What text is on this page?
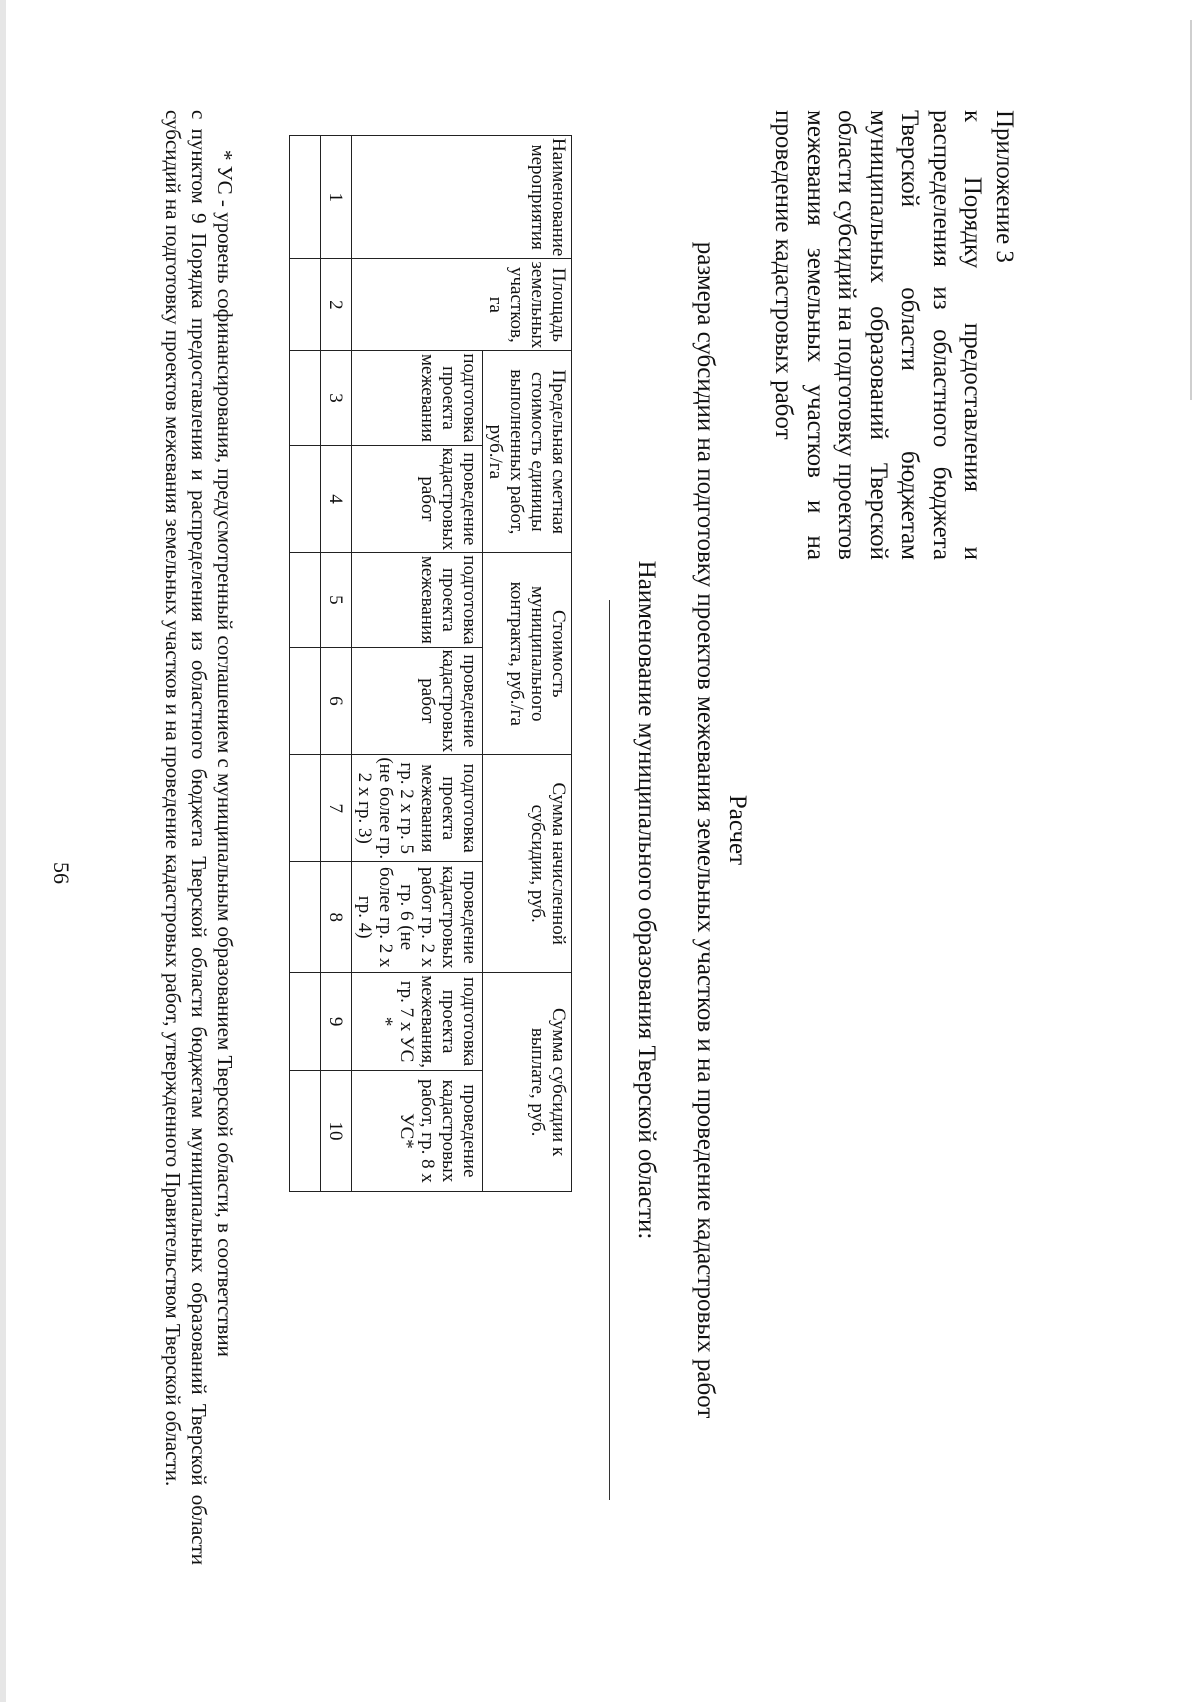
56

Приложение 3

к Порядку предоставления и распределения из областного бюджета Тверской области бюджетам муниципальных образований Тверской области субсидий на подготовку проектов межевания земельных участков и на проведение кадастровых работ

Расчет
размера субсидии на подготовку проектов межевания земельных участков и на проведение кадастровых работ
Наименование муниципального образования Тверской области:
Наименование мероприятия	Площадь земельных участков, га	Предельная сметная стоимость единицы выполненных работ, руб./га		Стоимость муниципального контракта, руб./га		Сумма начисленной субсидии, руб.		Сумма субсидии к выплате, руб.	
		подготовка проекта межевания	проведение кадастровых работ	подготовка проекта межевания	проведение кадастровых работ	подготовка проекта межевания гр. 2 х гр. 5 (не более гр. 2 х гр. 3)	проведение кадастровых работ гр. 2 х гр. 6 (не более гр. 2 х гр. 4)	подготовка проекта межевания, гр. 7 х УС *	проведение кадастровых работ, гр. 8 х УС*
1	2	3	4	5	6	7	8	9	10

* УС - уровень софинансирования, предусмотренный соглашением с муниципальным образованием Тверской области, в соответствии

с пунктом 9 Порядка предоставления и распределения из областного бюджета Тверской области бюджетам муниципальных образований Тверской области субсидий на подготовку проектов межевания земельных участков и на проведение кадастровых работ, утвержденного Правительством Тверской области.
